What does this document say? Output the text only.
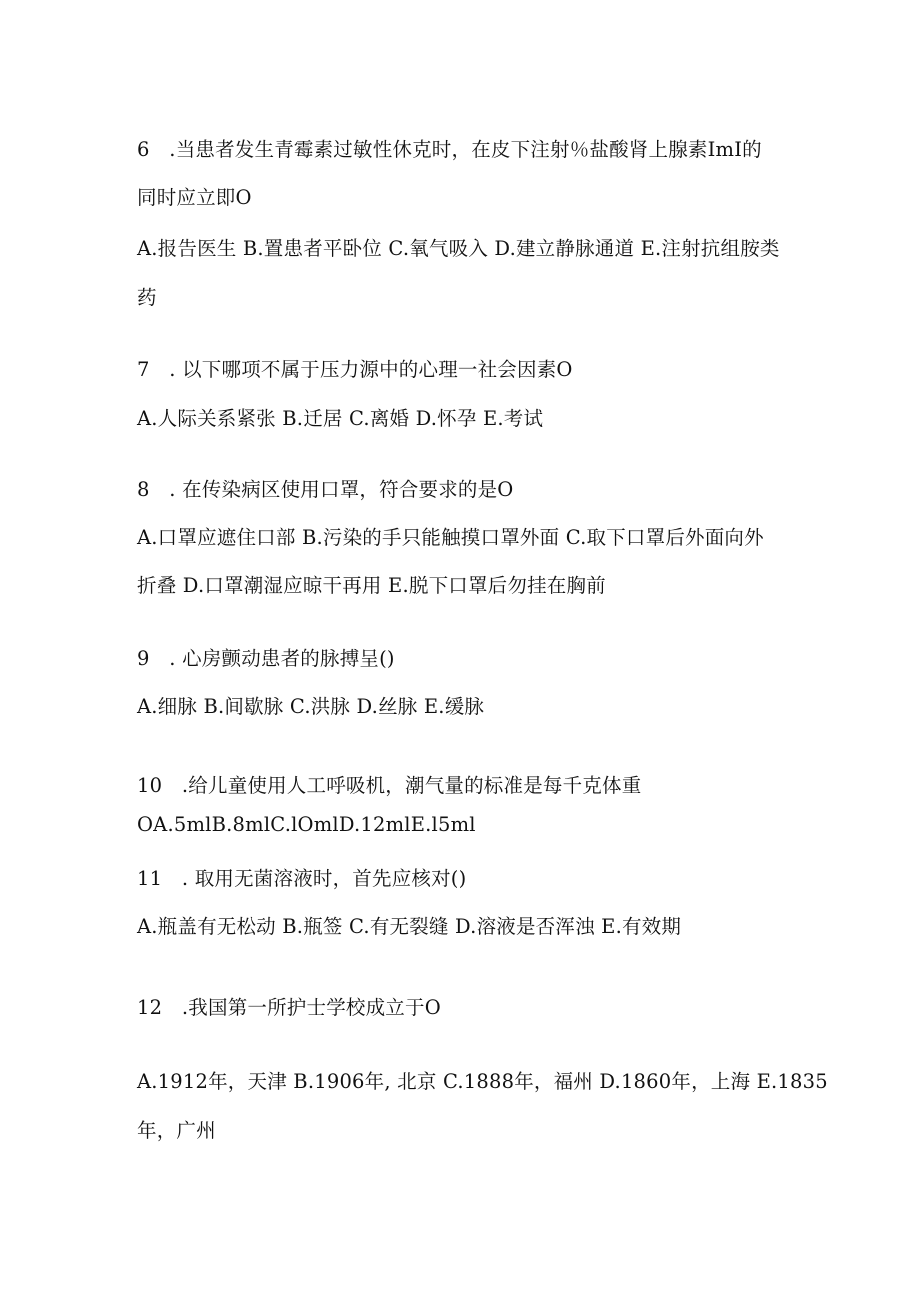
6　.当患者发生青霉素过敏性休克时，在皮下注射％盐酸肾上腺素ImI的
同时应立即O
A.报告医生 B.置患者平卧位 C.氧气吸入 D.建立静脉通道 E.注射抗组胺类
药
7　. 以下哪项不属于压力源中的心理一社会因素O
A.人际关系紧张 B.迁居 C.离婚 D.怀孕 E.考试
8　. 在传染病区使用口罩，符合要求的是O
A.口罩应遮住口部 B.污染的手只能触摸口罩外面 C.取下口罩后外面向外
折叠 D.口罩潮湿应晾干再用 E.脱下口罩后勿挂在胸前
9　. 心房颤动患者的脉搏呈()
A.细脉 B.间歇脉 C.洪脉 D.丝脉 E.缓脉
10　.给儿童使用人工呼吸机，潮气量的标准是每千克体重
OA.5mlB.8mlC.lOmlD.12mlE.l5ml
11　. 取用无菌溶液时，首先应核对()
A.瓶盖有无松动 B.瓶签 C.有无裂缝 D.溶液是否浑浊 E.有效期
12　.我国第一所护士学校成立于O
A.1912年，天津 B.1906年, 北京 C.1888年，福州 D.1860年，上海 E.1835
年，广州
